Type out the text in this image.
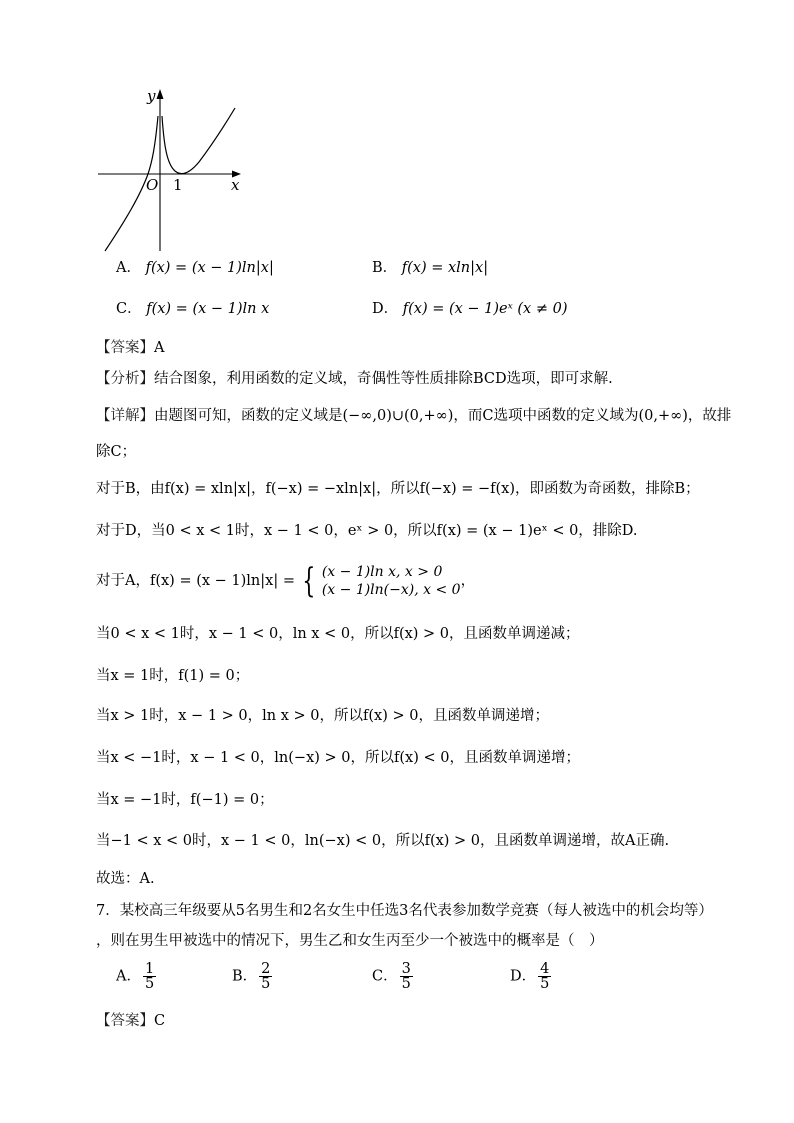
y
x
O 1
A． f(x) = (x − 1)ln|x|	B． f(x) = xln|x|
C． f(x) = (x − 1)ln x	D． f(x) = (x − 1)eˣ (x ≠ 0)
【答案】A
【分析】结合图象，利用函数的定义域，奇偶性等性质排除BCD选项，即可求解.
【详解】由题图可知，函数的定义域是(−∞,0)∪(0,+∞)，而C选项中函数的定义域为(0,+∞)，故排
除C；
对于B，由f(x) = xln|x|，f(−x) = −xln|x|，所以f(−x) = −f(x)，即函数为奇函数，排除B；
对于D，当0 < x < 1时，x − 1 < 0，eˣ > 0，所以f(x) = (x − 1)eˣ < 0，排除D.
对于A，f(x) = (x − 1)ln|x| = { (x − 1)ln x, x > 0
(x − 1)ln(−x), x < 0
，
当0 < x < 1时，x − 1 < 0，ln x < 0，所以f(x) > 0，且函数单调递减；
当x = 1时，f(1) = 0；
当x > 1时，x − 1 > 0，ln x > 0，所以f(x) > 0，且函数单调递增；
当x < −1时，x − 1 < 0，ln(−x) > 0，所以f(x) < 0，且函数单调递增；
当x = −1时，f(−1) = 0；
当−1 < x < 0时，x − 1 < 0，ln(−x) < 0，所以f(x) > 0，且函数单调递增，故A正确.
故选：A.
7．某校高三年级要从5名男生和2名女生中任选3名代表参加数学竞赛（每人被选中的机会均等）
，则在男生甲被选中的情况下，男生乙和女生丙至少一个被选中的概率是（　）
A． $\frac{1}{5}$	B． $\frac{2}{5}$	C． $\frac{3}{5}$	D． $\frac{4}{5}$
【答案】C
